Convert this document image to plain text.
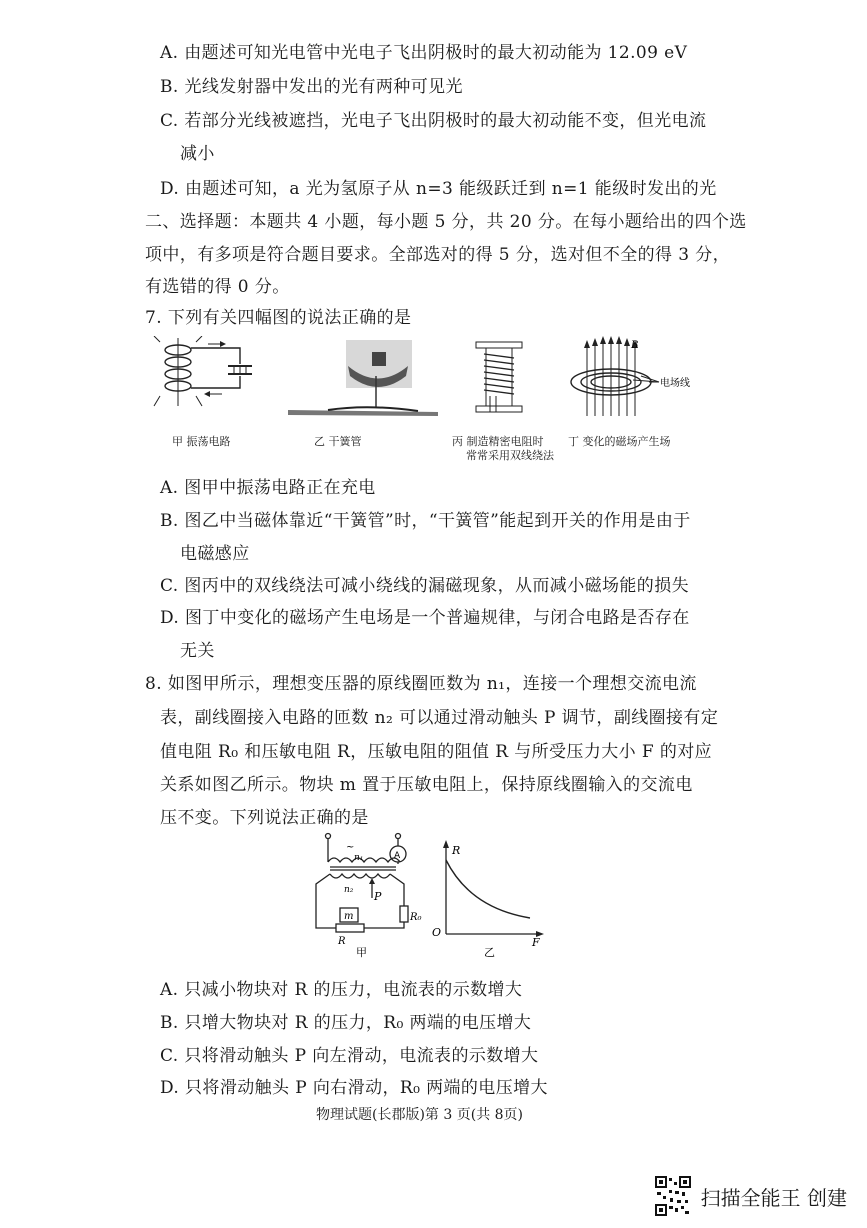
A. 由题述可知光电管中光电子飞出阴极时的最大初动能为 12.09 eV
B. 光线发射器中发出的光有两种可见光
C. 若部分光线被遮挡，光电子飞出阴极时的最大初动能不变，但光电流
减小
D. 由题述可知，a 光为氢原子从 n=3 能级跃迁到 n=1 能级时发出的光
二、选择题：本题共 4 小题，每小题 5 分，共 20 分。在每小题给出的四个选
项中，有多项是符合题目要求。全部选对的得 5 分，选对但不全的得 3 分，
有选错的得 0 分。
7. 下列有关四幅图的说法正确的是
甲 振荡电路	乙 干簧管	丙 制造精密电阻时
常常采用双线绕法
B
电场线
丁 变化的磁场产生场
A. 图甲中振荡电路正在充电
B. 图乙中当磁体靠近“干簧管”时，“干簧管”能起到开关的作用是由于
电磁感应
C. 图丙中的双线绕法可减小绕线的漏磁现象，从而减小磁场能的损失
D. 图丁中变化的磁场产生电场是一个普遍规律，与闭合电路是否存在
无关
8. 如图甲所示，理想变压器的原线圈匝数为 n₁，连接一个理想交流电流
表，副线圈接入电路的匝数 n₂ 可以通过滑动触头 P 调节，副线圈接有定
值电阻 R₀ 和压敏电阻 R，压敏电阻的阻值 R 与所受压力大小 F 的对应
关系如图乙所示。物块 m 置于压敏电阻上，保持原线圈输入的交流电
压不变。下列说法正确的是
~
A
n₁
n₂ P
R₀
m
R
甲
R
O
F
乙
A. 只减小物块对 R 的压力，电流表的示数增大
B. 只增大物块对 R 的压力，R₀ 两端的电压增大
C. 只将滑动触头 P 向左滑动，电流表的示数增大
D. 只将滑动触头 P 向右滑动，R₀ 两端的电压增大
物理试题(长郡版)第 3 页(共 8页)
扫描全能王 创建
